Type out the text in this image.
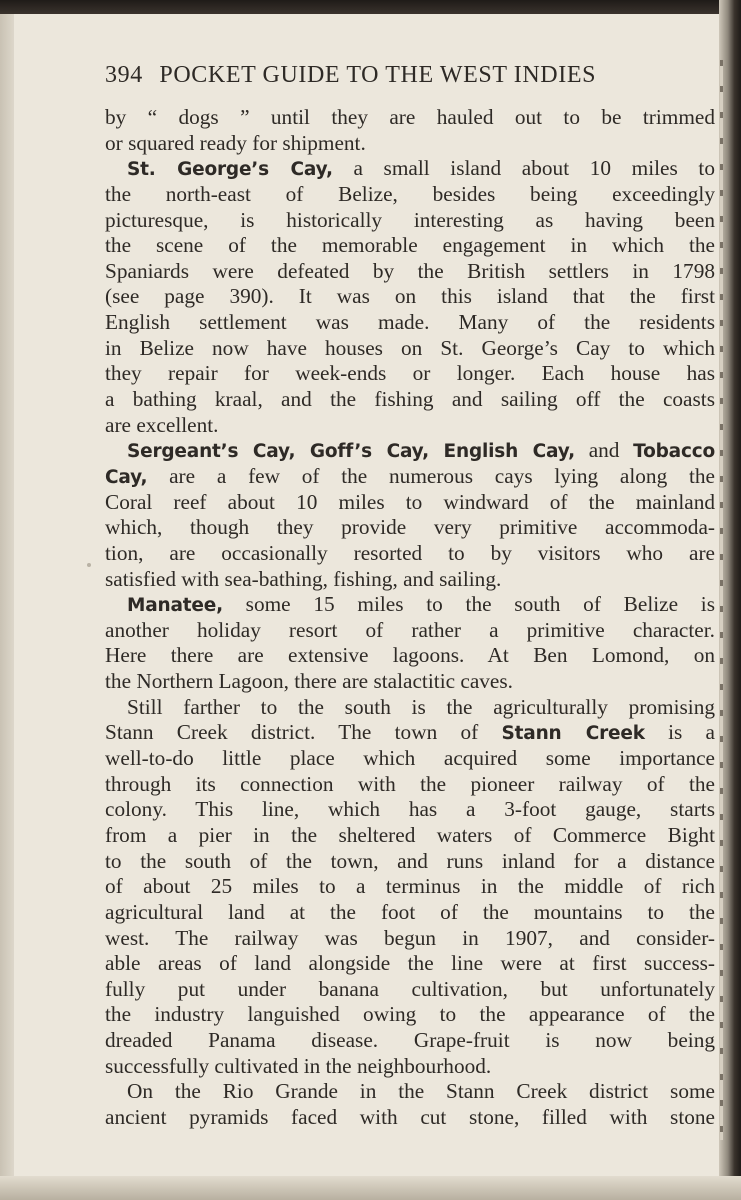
394 POCKET GUIDE TO THE WEST INDIES
by “ dogs ” until they are hauled out to be trimmed
or squared ready for shipment.
St. George’s Cay, a small island about 10 miles to
the north-east of Belize, besides being exceedingly
picturesque, is historically interesting as having been
the scene of the memorable engagement in which the
Spaniards were defeated by the British settlers in 1798
(see page 390). It was on this island that the first
English settlement was made. Many of the residents
in Belize now have houses on St. George’s Cay to which
they repair for week-ends or longer. Each house has
a bathing kraal, and the fishing and sailing off the coasts
are excellent.
Sergeant’s Cay, Goff’s Cay, English Cay, and Tobacco
Cay, are a few of the numerous cays lying along the
Coral reef about 10 miles to windward of the mainland
which, though they provide very primitive accommoda-
tion, are occasionally resorted to by visitors who are
satisfied with sea-bathing, fishing, and sailing.
Manatee, some 15 miles to the south of Belize is
another holiday resort of rather a primitive character.
Here there are extensive lagoons. At Ben Lomond, on
the Northern Lagoon, there are stalactitic caves.
Still farther to the south is the agriculturally promising
Stann Creek district. The town of Stann Creek is a
well-to-do little place which acquired some importance
through its connection with the pioneer railway of the
colony. This line, which has a 3-foot gauge, starts
from a pier in the sheltered waters of Commerce Bight
to the south of the town, and runs inland for a distance
of about 25 miles to a terminus in the middle of rich
agricultural land at the foot of the mountains to the
west. The railway was begun in 1907, and consider-
able areas of land alongside the line were at first success-
fully put under banana cultivation, but unfortunately
the industry languished owing to the appearance of the
dreaded Panama disease. Grape-fruit is now being
successfully cultivated in the neighbourhood.
On the Rio Grande in the Stann Creek district some
ancient pyramids faced with cut stone, filled with stone
